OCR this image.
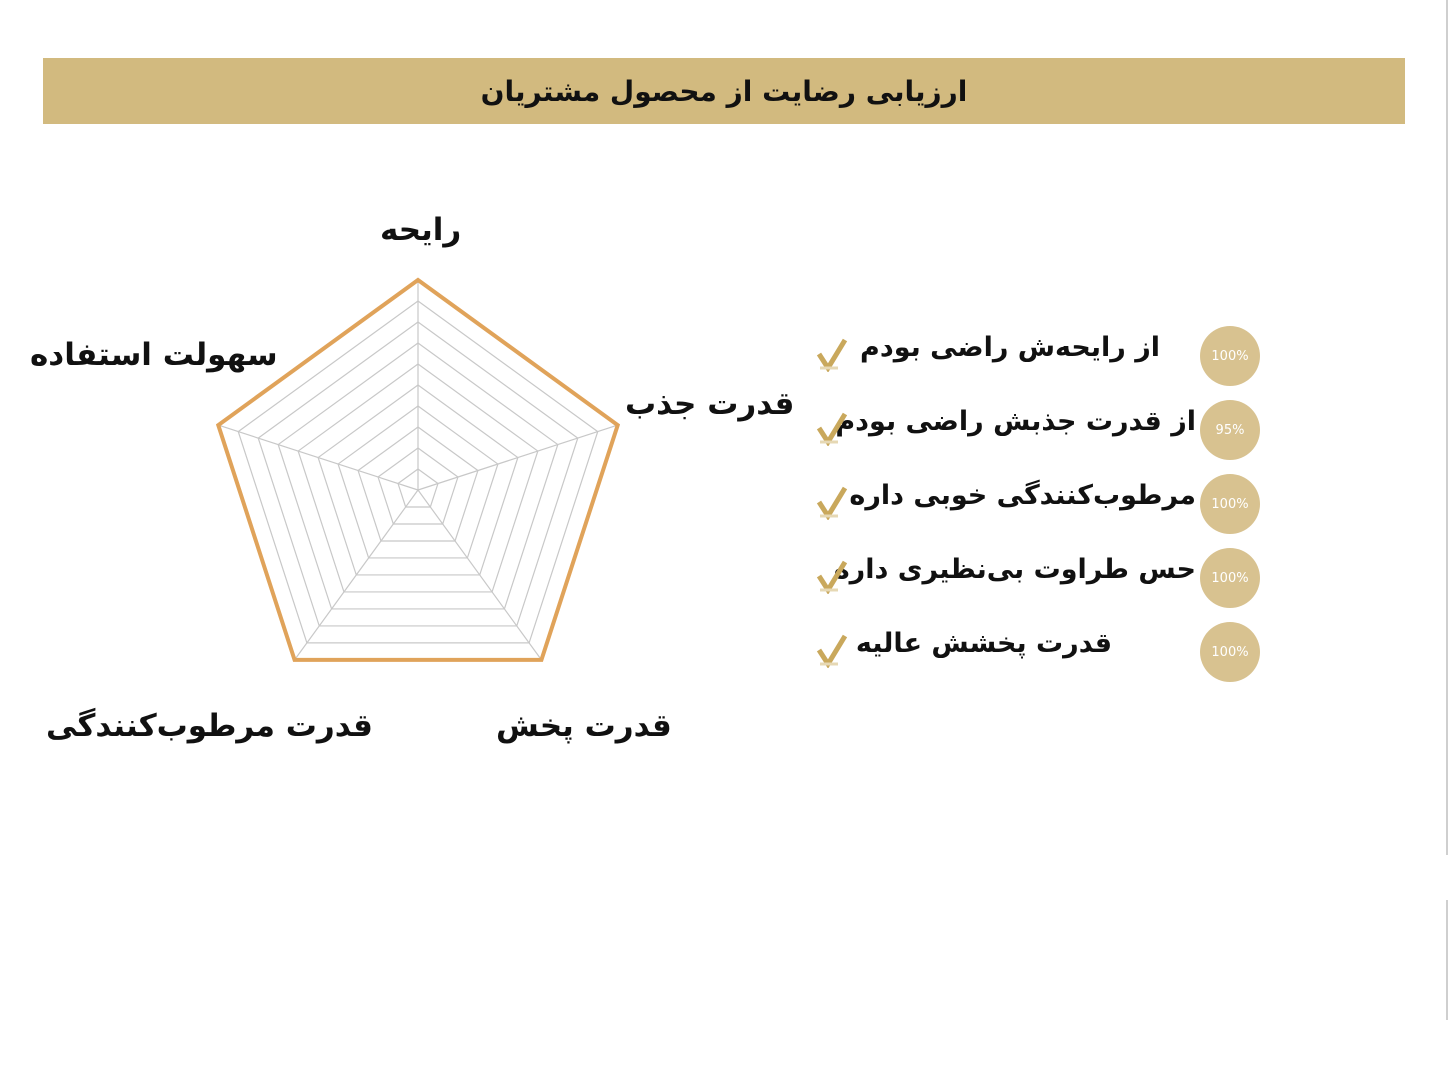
ارزیابی رضایت از محصول مشتریان
رایحه
قدرت جذب
قدرت پخش
قدرت مرطوب‌کنندگی
سهولت استفاده	100%
از رایحه‌ش راضی بودم
95%
از قدرت جذبش راضی بودم
100%
مرطوب‌کنندگی خوبی داره
100%
حس طراوت بی‌نظیری داره
100%
قدرت پخشش عالیه
